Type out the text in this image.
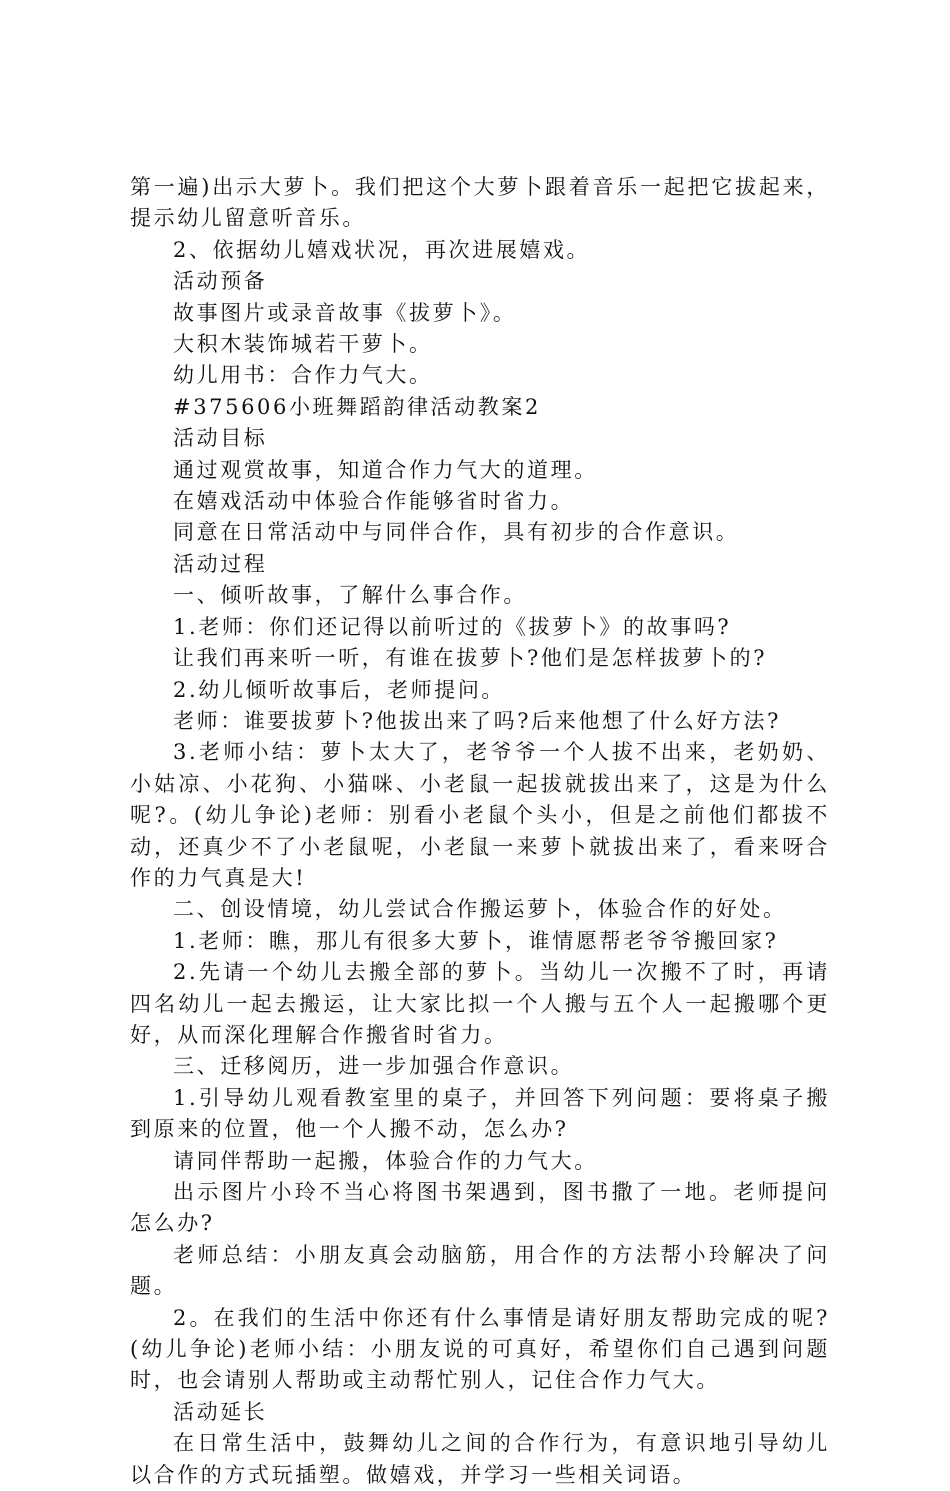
第一遍)出示大萝卜。我们把这个大萝卜跟着音乐一起把它拔起来，提示幼儿留意听音乐。

2、依据幼儿嬉戏状况，再次进展嬉戏。

活动预备

故事图片或录音故事《拔萝卜》。

大积木装饰城若干萝卜。

幼儿用书：合作力气大。

#375606小班舞蹈韵律活动教案2

活动目标

通过观赏故事，知道合作力气大的道理。

在嬉戏活动中体验合作能够省时省力。

同意在日常活动中与同伴合作，具有初步的合作意识。

活动过程

一、倾听故事，了解什么事合作。

1.老师：你们还记得以前听过的《拔萝卜》的故事吗?

让我们再来听一听，有谁在拔萝卜?他们是怎样拔萝卜的?

2.幼儿倾听故事后，老师提问。

老师：谁要拔萝卜?他拔出来了吗?后来他想了什么好方法?

3.老师小结：萝卜太大了，老爷爷一个人拔不出来，老奶奶、小姑凉、小花狗、小猫咪、小老鼠一起拔就拔出来了，这是为什么呢?。(幼儿争论)老师：别看小老鼠个头小，但是之前他们都拔不动，还真少不了小老鼠呢，小老鼠一来萝卜就拔出来了，看来呀合作的力气真是大!

二、创设情境，幼儿尝试合作搬运萝卜，体验合作的好处。

1.老师：瞧，那儿有很多大萝卜，谁情愿帮老爷爷搬回家?

2.先请一个幼儿去搬全部的萝卜。当幼儿一次搬不了时，再请四名幼儿一起去搬运，让大家比拟一个人搬与五个人一起搬哪个更好，从而深化理解合作搬省时省力。

三、迁移阅历，进一步加强合作意识。

1.引导幼儿观看教室里的桌子，并回答下列问题：要将桌子搬到原来的位置，他一个人搬不动，怎么办?

请同伴帮助一起搬，体验合作的力气大。

出示图片小玲不当心将图书架遇到，图书撒了一地。老师提问怎么办?

老师总结：小朋友真会动脑筋，用合作的方法帮小玲解决了问题。

2。在我们的生活中你还有什么事情是请好朋友帮助完成的呢?(幼儿争论)老师小结：小朋友说的可真好，希望你们自己遇到问题时，也会请别人帮助或主动帮忙别人，记住合作力气大。

活动延长

在日常生活中，鼓舞幼儿之间的合作行为，有意识地引导幼儿以合作的方式玩插塑。做嬉戏，并学习一些相关词语。
